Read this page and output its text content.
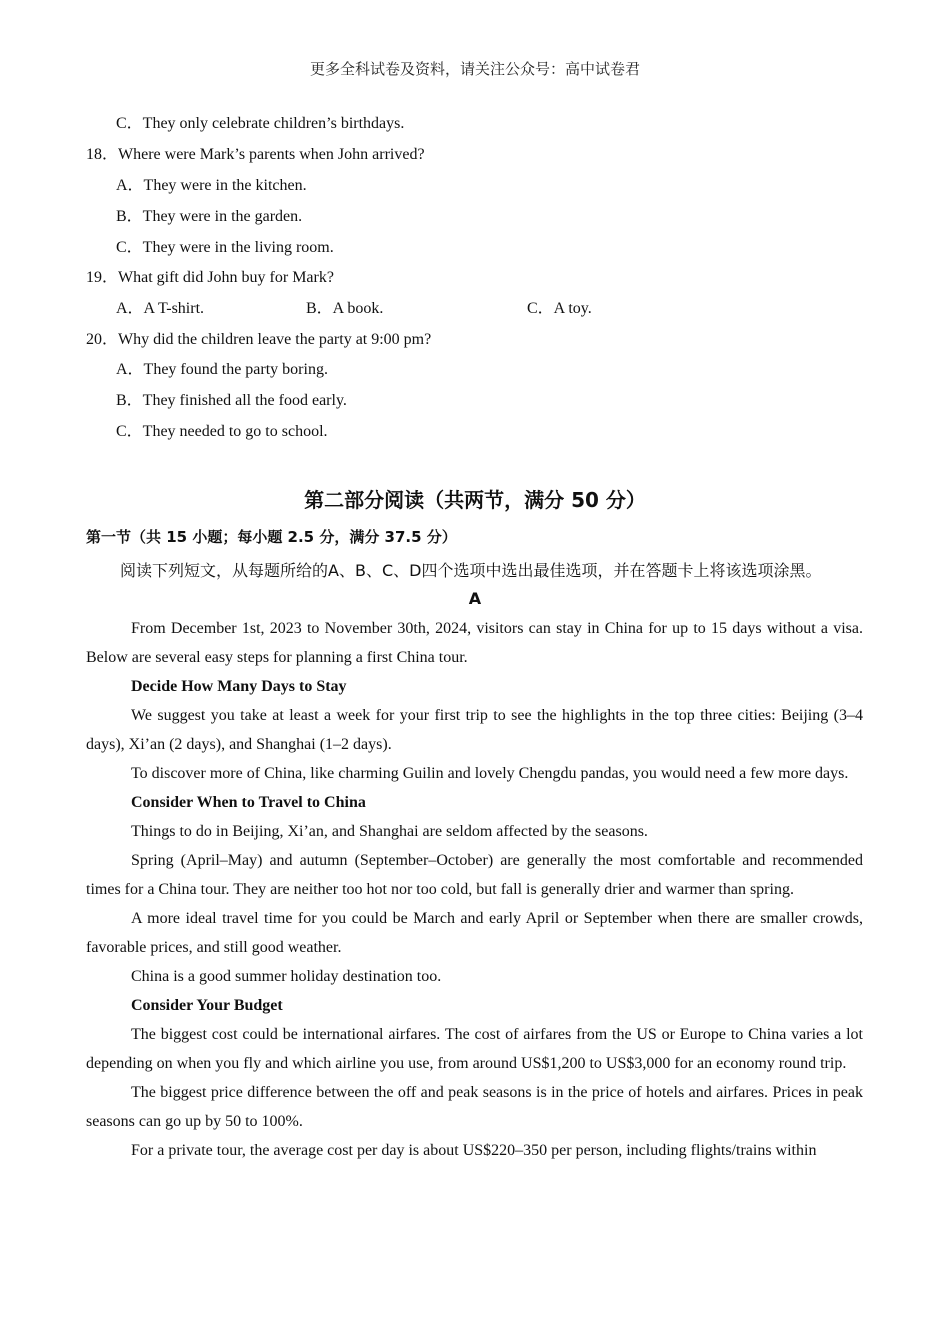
更多全科试卷及资料，请关注公众号：高中试卷君
C．They only celebrate children’s birthdays.
18．Where were Mark’s parents when John arrived?
A．They were in the kitchen.
B．They were in the garden.
C．They were in the living room.
19．What gift did John buy for Mark?
A．A T-shirt.	B．A book.	C．A toy.
20．Why did the children leave the party at 9:00 pm?
A．They found the party boring.
B．They finished all the food early.
C．They needed to go to school.
第二部分阅读（共两节，满分 50 分）
第一节（共 15 小题；每小题 2.5 分，满分 37.5 分）
阅读下列短文，从每题所给的A、B、C、D四个选项中选出最佳选项，并在答题卡上将该选项涂黑。
A

From December 1st, 2023 to November 30th, 2024, visitors can stay in China for up to 15 days without a visa. Below are several easy steps for planning a first China tour.

Decide How Many Days to Stay

We suggest you take at least a week for your first trip to see the highlights in the top three cities: Beijing (3–4 days), Xi’an (2 days), and Shanghai (1–2 days).

To discover more of China, like charming Guilin and lovely Chengdu pandas, you would need a few more days.

Consider When to Travel to China

Things to do in Beijing, Xi’an, and Shanghai are seldom affected by the seasons.

Spring (April–May) and autumn (September–October) are generally the most comfortable and recommended times for a China tour. They are neither too hot nor too cold, but fall is generally drier and warmer than spring.

A more ideal travel time for you could be March and early April or September when there are smaller crowds, favorable prices, and still good weather.

China is a good summer holiday destination too.

Consider Your Budget

The biggest cost could be international airfares. The cost of airfares from the US or Europe to China varies a lot depending on when you fly and which airline you use, from around US$1,200 to US$3,000 for an economy round trip.

The biggest price difference between the off and peak seasons is in the price of hotels and airfares. Prices in peak seasons can go up by 50 to 100%.

For a private tour, the average cost per day is about US$220–350 per person, including flights/trains within
